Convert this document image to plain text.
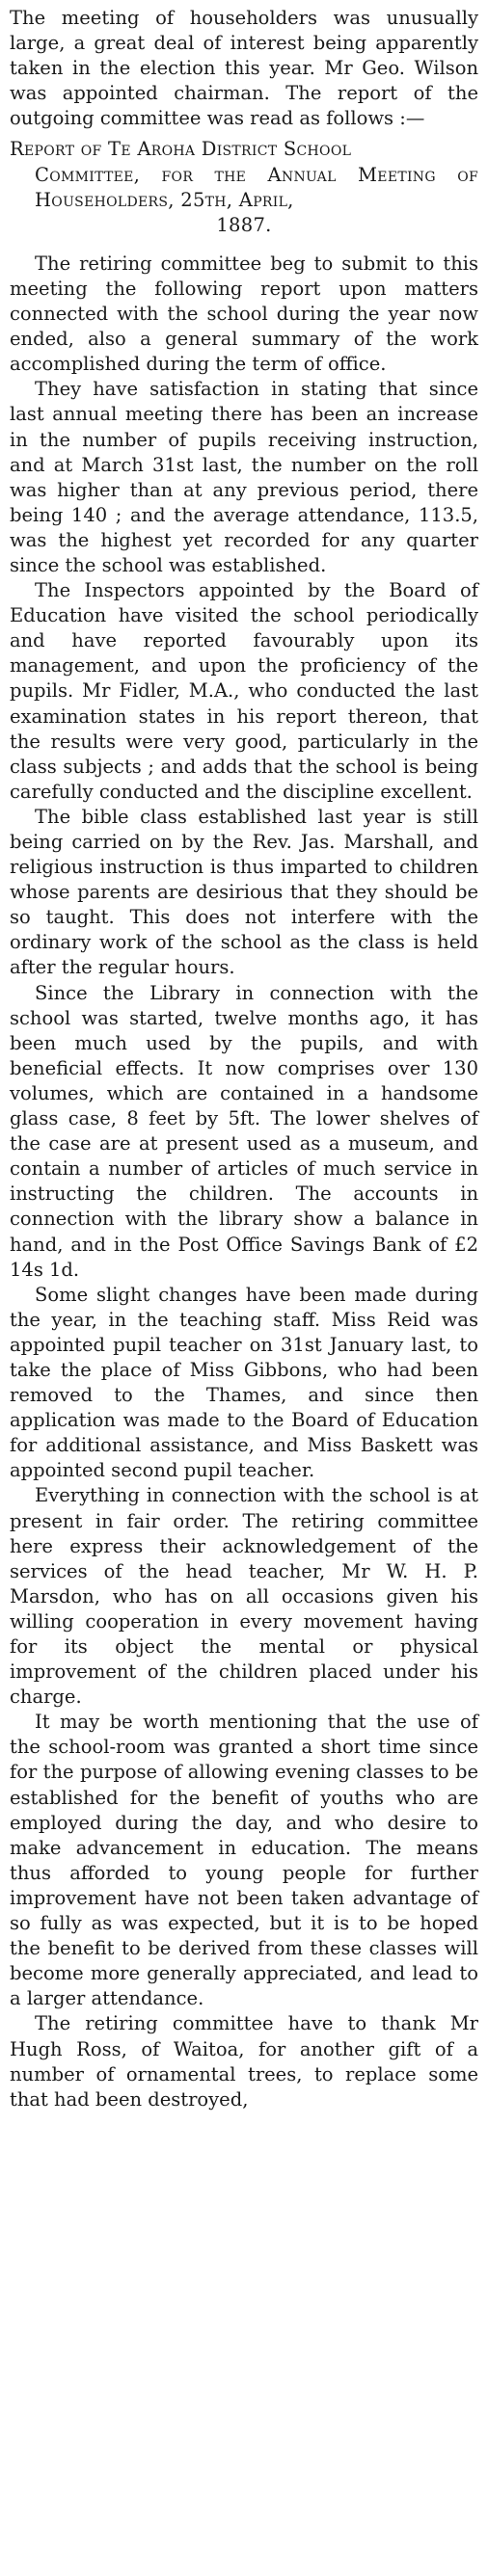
The meeting of householders was unusually large, a great deal of interest being apparently taken in the election this year. Mr Geo. Wilson was appointed chairman. The report of the outgoing committee was read as follows :—

Report of Te Aroha District School
Committee, for the Annual Meeting of Householders, 25th, April,
1887.

The retiring committee beg to submit to this meeting the following report upon matters connected with the school during the year now ended, also a general summary of the work accomplished during the term of office.

They have satisfaction in stating that since last annual meeting there has been an increase in the number of pupils receiving instruction, and at March 31st last, the number on the roll was higher than at any previous period, there being 140 ; and the average attendance, 113.5, was the highest yet recorded for any quarter since the school was established.

The Inspectors appointed by the Board of Education have visited the school periodically and have reported favourably upon its management, and upon the proficiency of the pupils. Mr Fidler, M.A., who conducted the last examination states in his report thereon, that the results were very good, particularly in the class subjects ; and adds that the school is being carefully conducted and the discipline excellent.

The bible class established last year is still being carried on by the Rev. Jas. Marshall, and religious instruction is thus imparted to children whose parents are desirious that they should be so taught. This does not interfere with the ordinary work of the school as the class is held after the regular hours.

Since the Library in connection with the school was started, twelve months ago, it has been much used by the pupils, and with beneficial effects. It now comprises over 130 volumes, which are contained in a handsome glass case, 8 feet by 5ft. The lower shelves of the case are at present used as a museum, and contain a number of articles of much service in instructing the children. The accounts in connection with the library show a balance in hand, and in the Post Office Savings Bank of £2 14s 1d.

Some slight changes have been made during the year, in the teaching staff. Miss Reid was appointed pupil teacher on 31st January last, to take the place of Miss Gibbons, who had been removed to the Thames, and since then application was made to the Board of Education for additional assistance, and Miss Baskett was appointed second pupil teacher.

Everything in connection with the school is at present in fair order. The retiring committee here express their acknowledgement of the services of the head teacher, Mr W. H. P. Marsdon, who has on all occasions given his willing cooperation in every movement having for its object the mental or physical improvement of the children placed under his charge.

It may be worth mentioning that the use of the school-room was granted a short time since for the purpose of allowing evening classes to be established for the benefit of youths who are employed during the day, and who desire to make advancement in education. The means thus afforded to young people for further improvement have not been taken advantage of so fully as was expected, but it is to be hoped the benefit to be derived from these classes will become more generally appreciated, and lead to a larger attendance.

The retiring committee have to thank Mr Hugh Ross, of Waitoa, for another gift of a number of ornamental trees, to replace some that had been destroyed,
